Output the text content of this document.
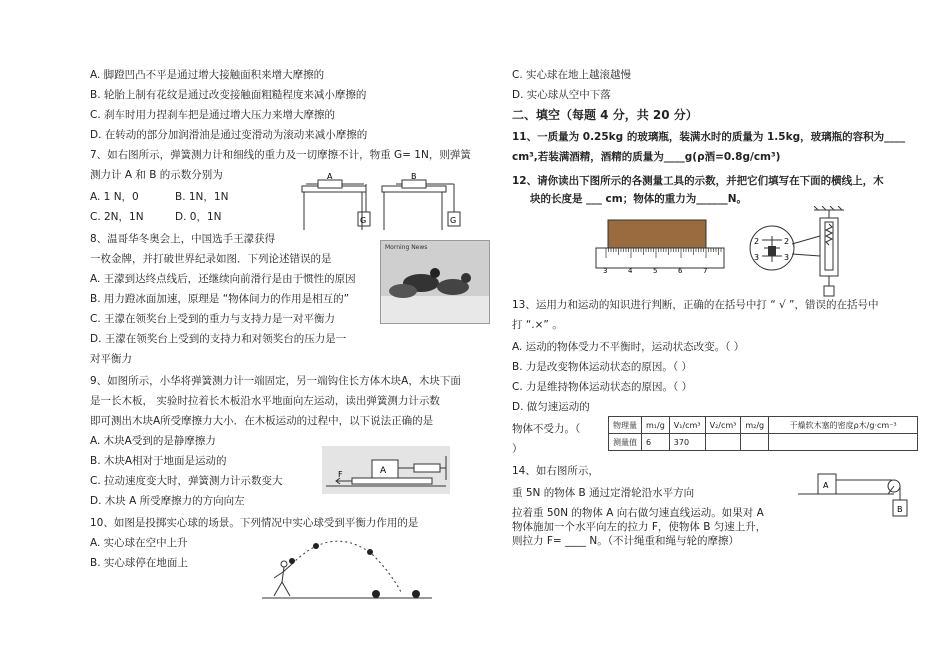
A. 脚蹬凹凸不平是通过增大接触面积来增大摩擦的
B. 轮胎上制有花纹是通过改变接触面粗糙程度来减小摩擦的
C. 刹车时用力捏刹车把是通过增大压力来增大摩擦的
D. 在转动的部分加润滑油是通过变滑动为滚动来减小摩擦的
7、如右图所示，弹簧测力计和细线的重力及一切摩擦不计，物重 G= 1N，则弹簧
测力计 A 和 B 的示数分别为
A. 1 N，0	B. 1N，1N
C. 2N，1N	D. 0，1N
A	B
G	G
8、温哥华冬奥会上，中国选手王濛获得
一枚金牌，并打破世界纪录如图．下列论述错误的是
A. 王濛到达终点线后，还继续向前滑行是由于惯性的原因
B. 用力蹬冰面加速，原理是 “物体间力的作用是相互的”
C. 王濛在领奖台上受到的重力与支持力是一对平衡力
D. 王濛在领奖台上受到的支持力和对领奖台的压力是一
对平衡力
Morning News
9、如图所示，小华将弹簧测力计一端固定，另一端钩住长方体木块A，木块下面
是一长木板， 实验时拉着长木板沿水平地面向左运动，读出弹簧测力计示数
即可测出木块A所受摩擦力大小．在木板运动的过程中，以下说法正确的是
A. 木块A受到的是静摩擦力
B. 木块A相对于地面是运动的
C. 拉动速度变大时，弹簧测力计示数变大
D. 木块 A 所受摩擦力的方向向左
A
F
10、如图是投掷实心球的场景。下列情况中实心球受到平衡力作用的是
A. 实心球在空中上升
B. 实心球停在地面上
C. 实心球在地上越滚越慢
D. 实心球从空中下落
二、填空（每题 4 分，共 20 分）
11、一质量为 0.25kg 的玻璃瓶，装满水时的质量为 1.5kg，玻璃瓶的容积为____
cm³,若装满酒精，酒精的质量为____g(ρ酒=0.8g/cm³)
12、请你读出下图所示的各测量工具的示数，并把它们填写在下面的横线上，木
块的长度是 ___ cm；物体的重力为______N。
3	4	5	6	7
2	2
3	3
13、运用力和运动的知识进行判断，正确的在括号中打 “ √ ”，错误的在括号中
打 “.×” 。
A. 运动的物体受力不平衡时，运动状态改变。（ ）
B. 力是改变物体运动状态的原因。（ ）
C. 力是维持物体运动状态的原因。（ ）
D. 做匀速运动的
物体不受力。（
）
物理量	m₁/g	V₁/cm³	V₂/cm³	m₂/g	干燥软木塞的密度ρ木/g·cm⁻³
测量值	6	370			
14、如右图所示，
重 5N 的物体 B 通过定滑轮沿水平方向
拉着重 50N 的物体 A 向右做匀速直线运动。如果对 A
物体施加一个水平向左的拉力 F，使物体 B 匀速上升，
则拉力 F= ____ N。（不计绳重和绳与轮的摩擦）
A
B
